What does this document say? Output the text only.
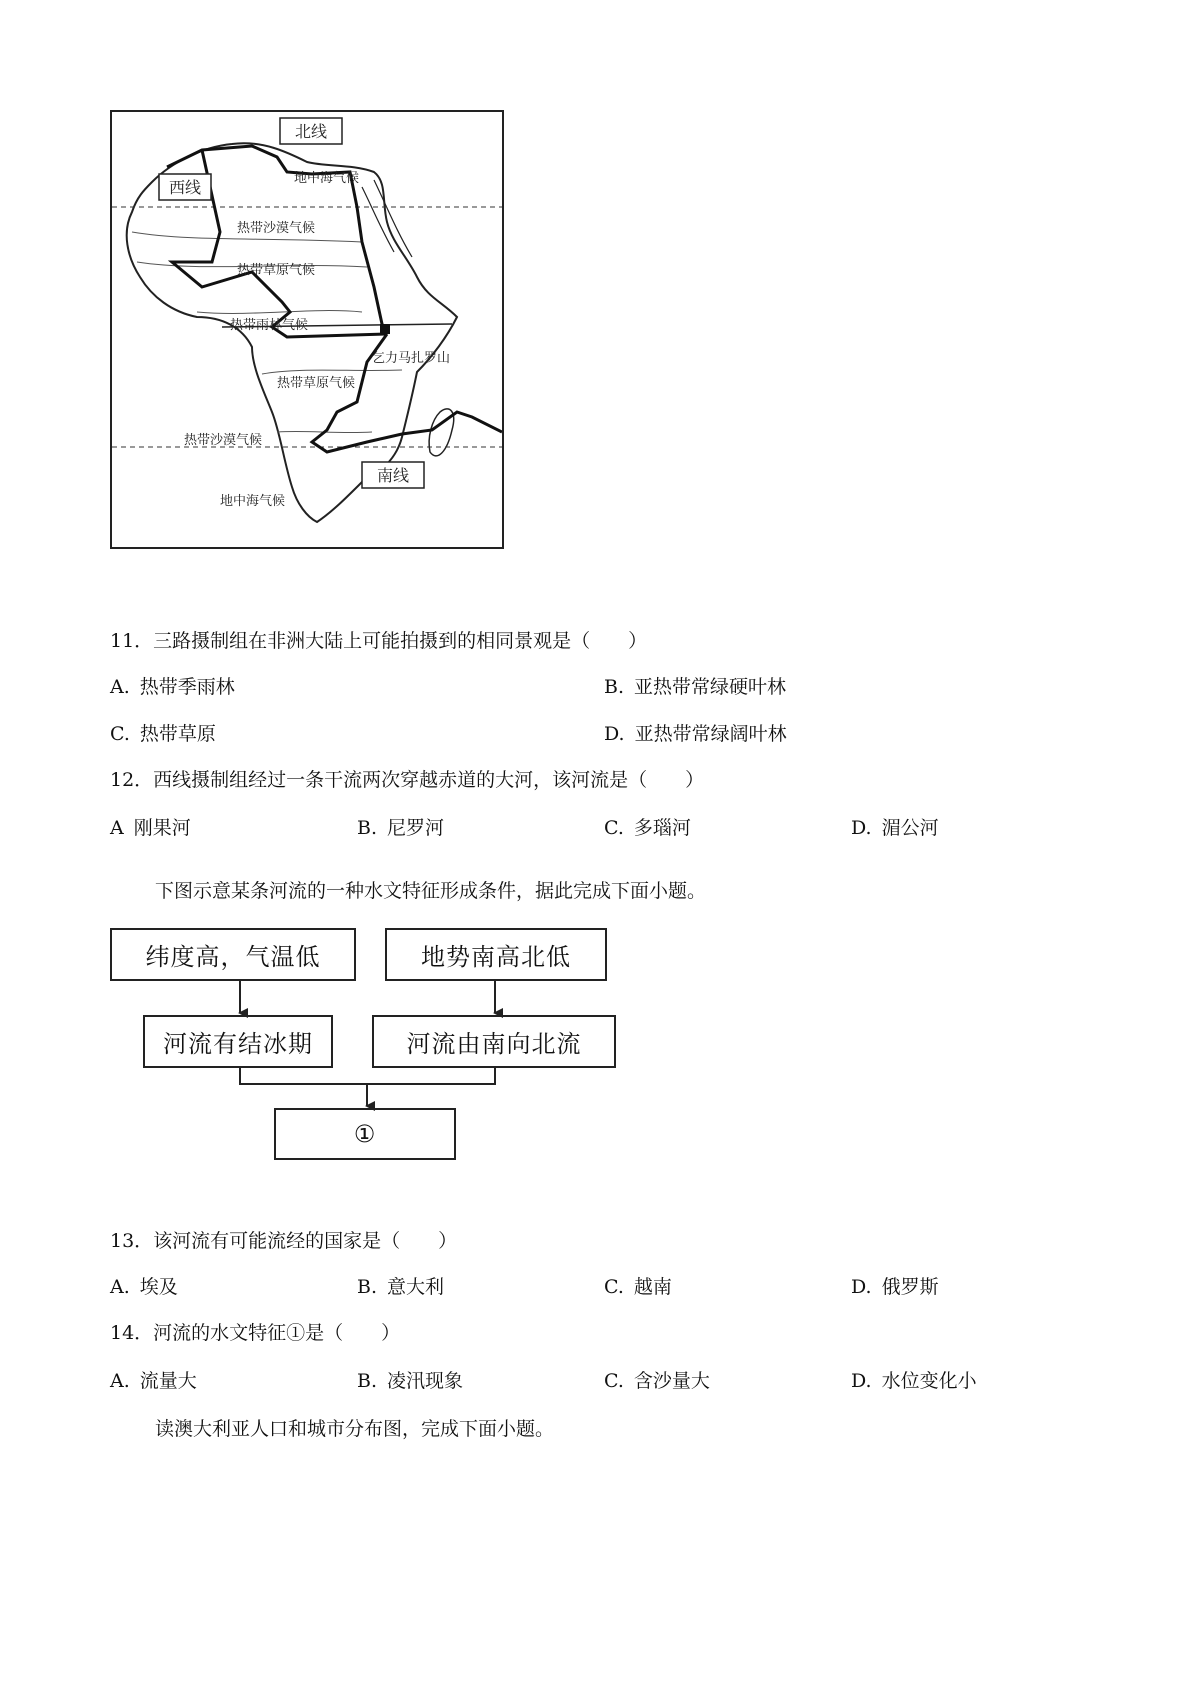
北线
西线
南线
地中海气候
热带沙漠气候
热带草原气候
热带雨林气候
乞力马扎罗山
热带草原气候
热带沙漠气候
地中海气候
11．三路摄制组在非洲大陆上可能拍摄到的相同景观是（　　）
A. 热带季雨林	B. 亚热带常绿硬叶林
C. 热带草原	D. 亚热带常绿阔叶林
12．西线摄制组经过一条干流两次穿越赤道的大河，该河流是（　　）
A 刚果河	B. 尼罗河	C. 多瑙河	D. 湄公河
下图示意某条河流的一种水文特征形成条件，据此完成下面小题。
纬度高，气温低	地势南高北低
河流有结冰期	河流由南向北流
①
13．该河流有可能流经的国家是（　　）
A. 埃及	B. 意大利	C. 越南	D. 俄罗斯
14．河流的水文特征①是（　　）
A. 流量大	B. 凌汛现象	C. 含沙量大	D. 水位变化小
读澳大利亚人口和城市分布图，完成下面小题。
